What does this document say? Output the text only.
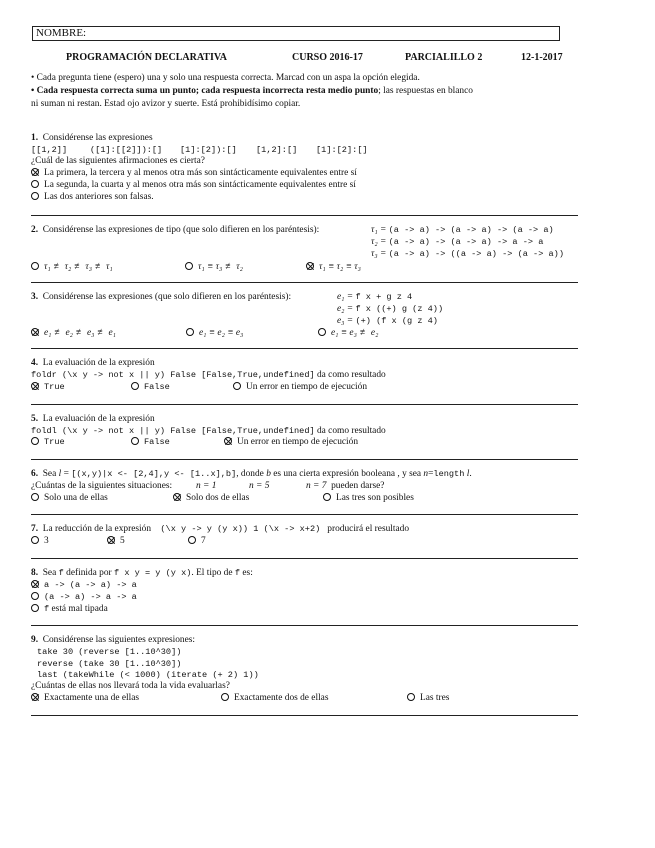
NOMBRE:
PROGRAMACIÓN DECLARATIVA	CURSO 2016-17	PARCIALILLO 2	12-1-2017
• Cada pregunta tiene (espero) una y solo una respuesta correcta. Marcad con un aspa la opción elegida.
• Cada respuesta correcta suma un punto; cada respuesta incorrecta resta medio punto; las respuestas en blanco
ni suman ni restan. Estad ojo avizor y suerte. Está prohibidísimo copiar.
1. Considérense las expresiones
[[1,2]]	([1]:[[2]]):[] [1]:[2]):[] [1,2]:[] [1]:[2]:[]
¿Cuál de las siguientes afirmaciones es cierta?
La primera, la tercera y al menos otra más son sintácticamente equivalentes entre sí
La segunda, la cuarta y al menos otra más son sintácticamente equivalentes entre sí
Las dos anteriores son falsas.
2. Considérense las expresiones de tipo (que solo difieren en los paréntesis):	τ₁ = (a -> a) -> (a -> a) -> (a -> a)
τ₂ = (a -> a) -> (a -> a) -> a -> a
τ₃ = (a -> a) -> ((a -> a) -> (a -> a))
τ₁ ≢ τ₂ ≢ τ₃ ≢ τ₁	τ₁ ≡ τ₃ ≢ τ₂	τ₁ ≡ τ₂ ≡ τ₃
3. Considérense las expresiones (que solo difieren en los paréntesis):	e₁ = f x + g z 4
e₂ = f x ((+) g (z 4))
e₃ = (+) (f x (g z 4)
e₁ ≢ e₂ ≢ e₃ ≢ e₁	e₁ ≡ e₂ ≡ e₃	e₁ ≡ e₃ ≢ e₂
4. La evaluación de la expresión
foldr (\x y -> not x || y) False [False,True,undefined] da como resultado
True	False	Un error en tiempo de ejecución
5. La evaluación de la expresión
foldl (\x y -> not x || y) False [False,True,undefined] da como resultado
True	False	Un error en tiempo de ejecución
6. Sea l = [(x,y)|x <- [2,4],y <- [1..x],b], donde b es una cierta expresión booleana , y sea n=length l.
¿Cuántas de la siguientes situaciones:	n = 1	n = 5	n = 7 pueden darse?
Solo una de ellas	Solo dos de ellas	Las tres son posibles
7. La reducción de la expresión (\x y -> y (y x)) 1 (\x -> x+2) producirá el resultado
3	5	7
8. Sea f definida por f x y = y (y x). El tipo de f es:
a -> (a -> a) -> a
(a -> a) -> a -> a
f está mal tipada
9. Considérense las siguientes expresiones:
take 30 (reverse [1..10^30])
reverse (take 30 [1..10^30])
last (takeWhile (< 1000) (iterate (+ 2) 1))
¿Cuántas de ellas nos llevará toda la vida evaluarlas?
Exactamente una de ellas	Exactamente dos de ellas	Las tres
